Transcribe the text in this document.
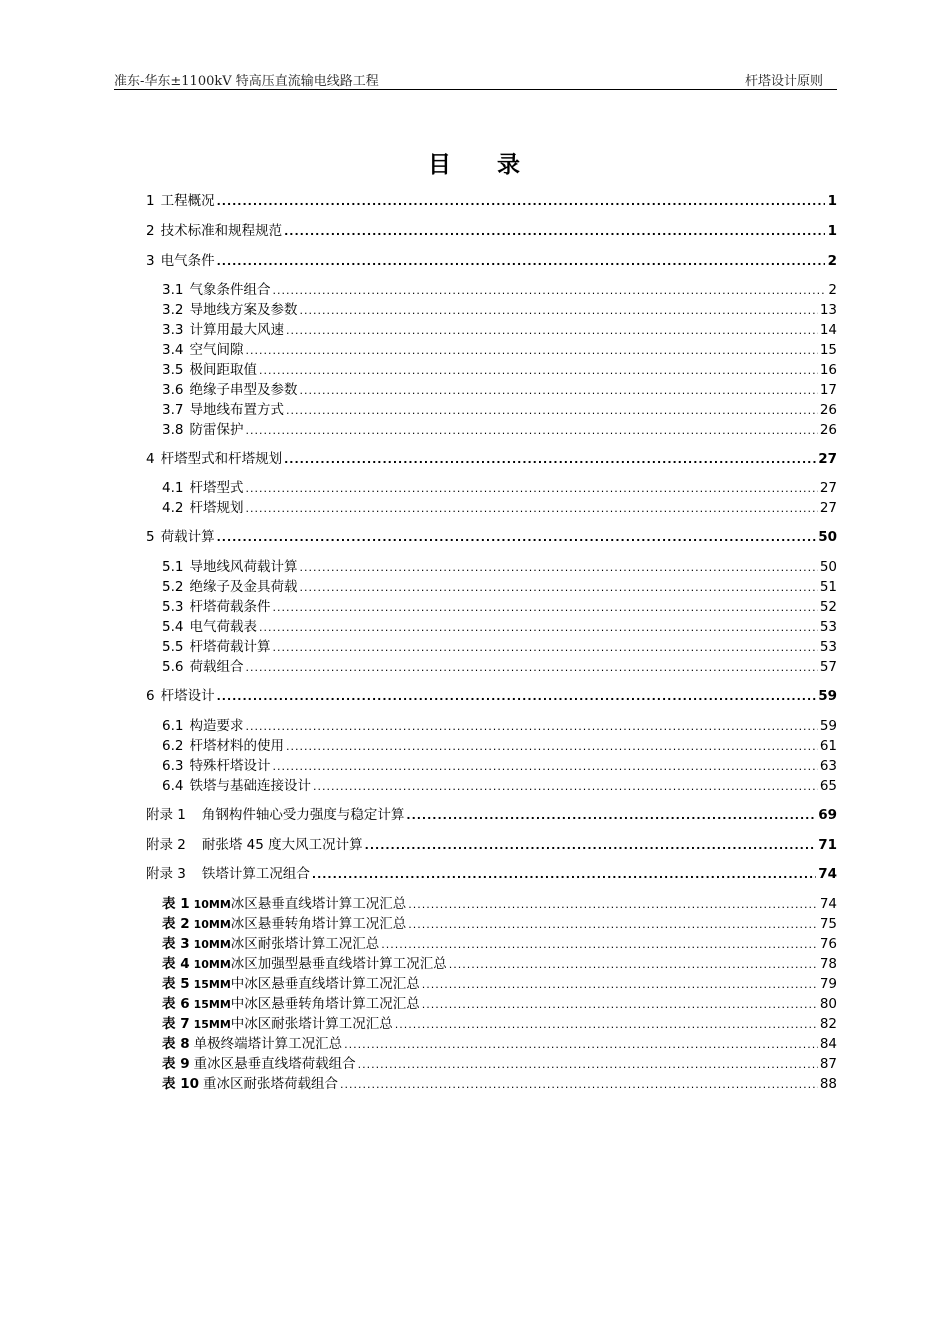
准东-华东±1100kV 特高压直流输电线路工程	杆塔设计原则
目 录
1 工程概况 .....	1
2 技术标准和规程规范 .....	1
3 电气条件 .....	2
3.1 气象条件组合 .....	2
3.2 导地线方案及参数 .....	13
3.3 计算用最大风速 .....	14
3.4 空气间隙 .....	15
3.5 极间距取值 .....	16
3.6 绝缘子串型及参数 .....	17
3.7 导地线布置方式 .....	26
3.8 防雷保护 .....	26
4 杆塔型式和杆塔规划 .....	27
4.1 杆塔型式 .....	27
4.2 杆塔规划 .....	27
5 荷载计算 .....	50
5.1 导地线风荷载计算 .....	50
5.2 绝缘子及金具荷载 .....	51
5.3 杆塔荷载条件 .....	52
5.4 电气荷载表 .....	53
5.5 杆塔荷载计算 .....	53
5.6 荷载组合 .....	57
6 杆塔设计 .....	59
6.1 构造要求 .....	59
6.2 杆塔材料的使用 .....	61
6.3 特殊杆塔设计 .....	63
6.4 铁塔与基础连接设计 .....	65
附录 1 角钢构件轴心受力强度与稳定计算 .....	69
附录 2 耐张塔 45 度大风工况计算 .....	71
附录 3 铁塔计算工况组合 .....	74
表 1 10MM 冰区悬垂直线塔计算工况汇总 .....	74
表 2 10MM 冰区悬垂转角塔计算工况汇总 .....	75
表 3 10MM 冰区耐张塔计算工况汇总 .....	76
表 4 10MM 冰区加强型悬垂直线塔计算工况汇总 .....	78
表 5 15MM 中冰区悬垂直线塔计算工况汇总 .....	79
表 6 15MM 中冰区悬垂转角塔计算工况汇总 .....	80
表 7 15MM 中冰区耐张塔计算工况汇总 .....	82
表 8 单极终端塔计算工况汇总 .....	84
表 9 重冰区悬垂直线塔荷载组合 .....	87
表 10 重冰区耐张塔荷载组合 .....	88
